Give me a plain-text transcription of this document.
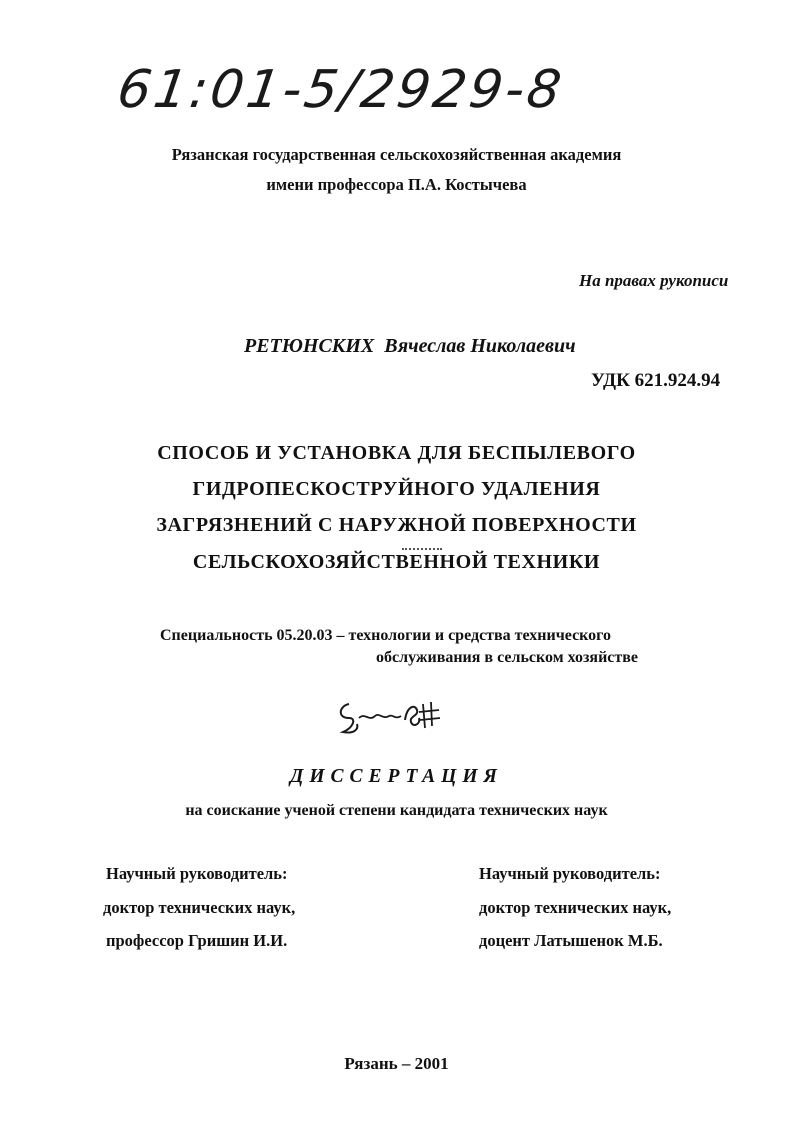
61:01-5/2929-8
Рязанская государственная сельскохозяйственная академия
имени профессора П.А. Костычева
На правах рукописи
РЕТЮНСКИХ Вячеслав Николаевич
УДК 621.924.94
СПОСОБ И УСТАНОВКА ДЛЯ БЕСПЫЛЕВОГО
ГИДРОПЕСКОСТРУЙНОГО УДАЛЕНИЯ
ЗАГРЯЗНЕНИЙ С НАРУЖНОЙ ПОВЕРХНОСТИ
СЕЛЬСКОХОЗЯЙСТВЕННОЙ ТЕХНИКИ
Специальность 05.20.03 – технологии и средства технического
обслуживания в сельском хозяйстве
ДИССЕРТАЦИЯ
на соискание ученой степени кандидата технических наук
Научный руководитель:
доктор технических наук,
профессор Гришин И.И.
Научный руководитель:
доктор технических наук,
доцент Латышенок М.Б.
Рязань – 2001
